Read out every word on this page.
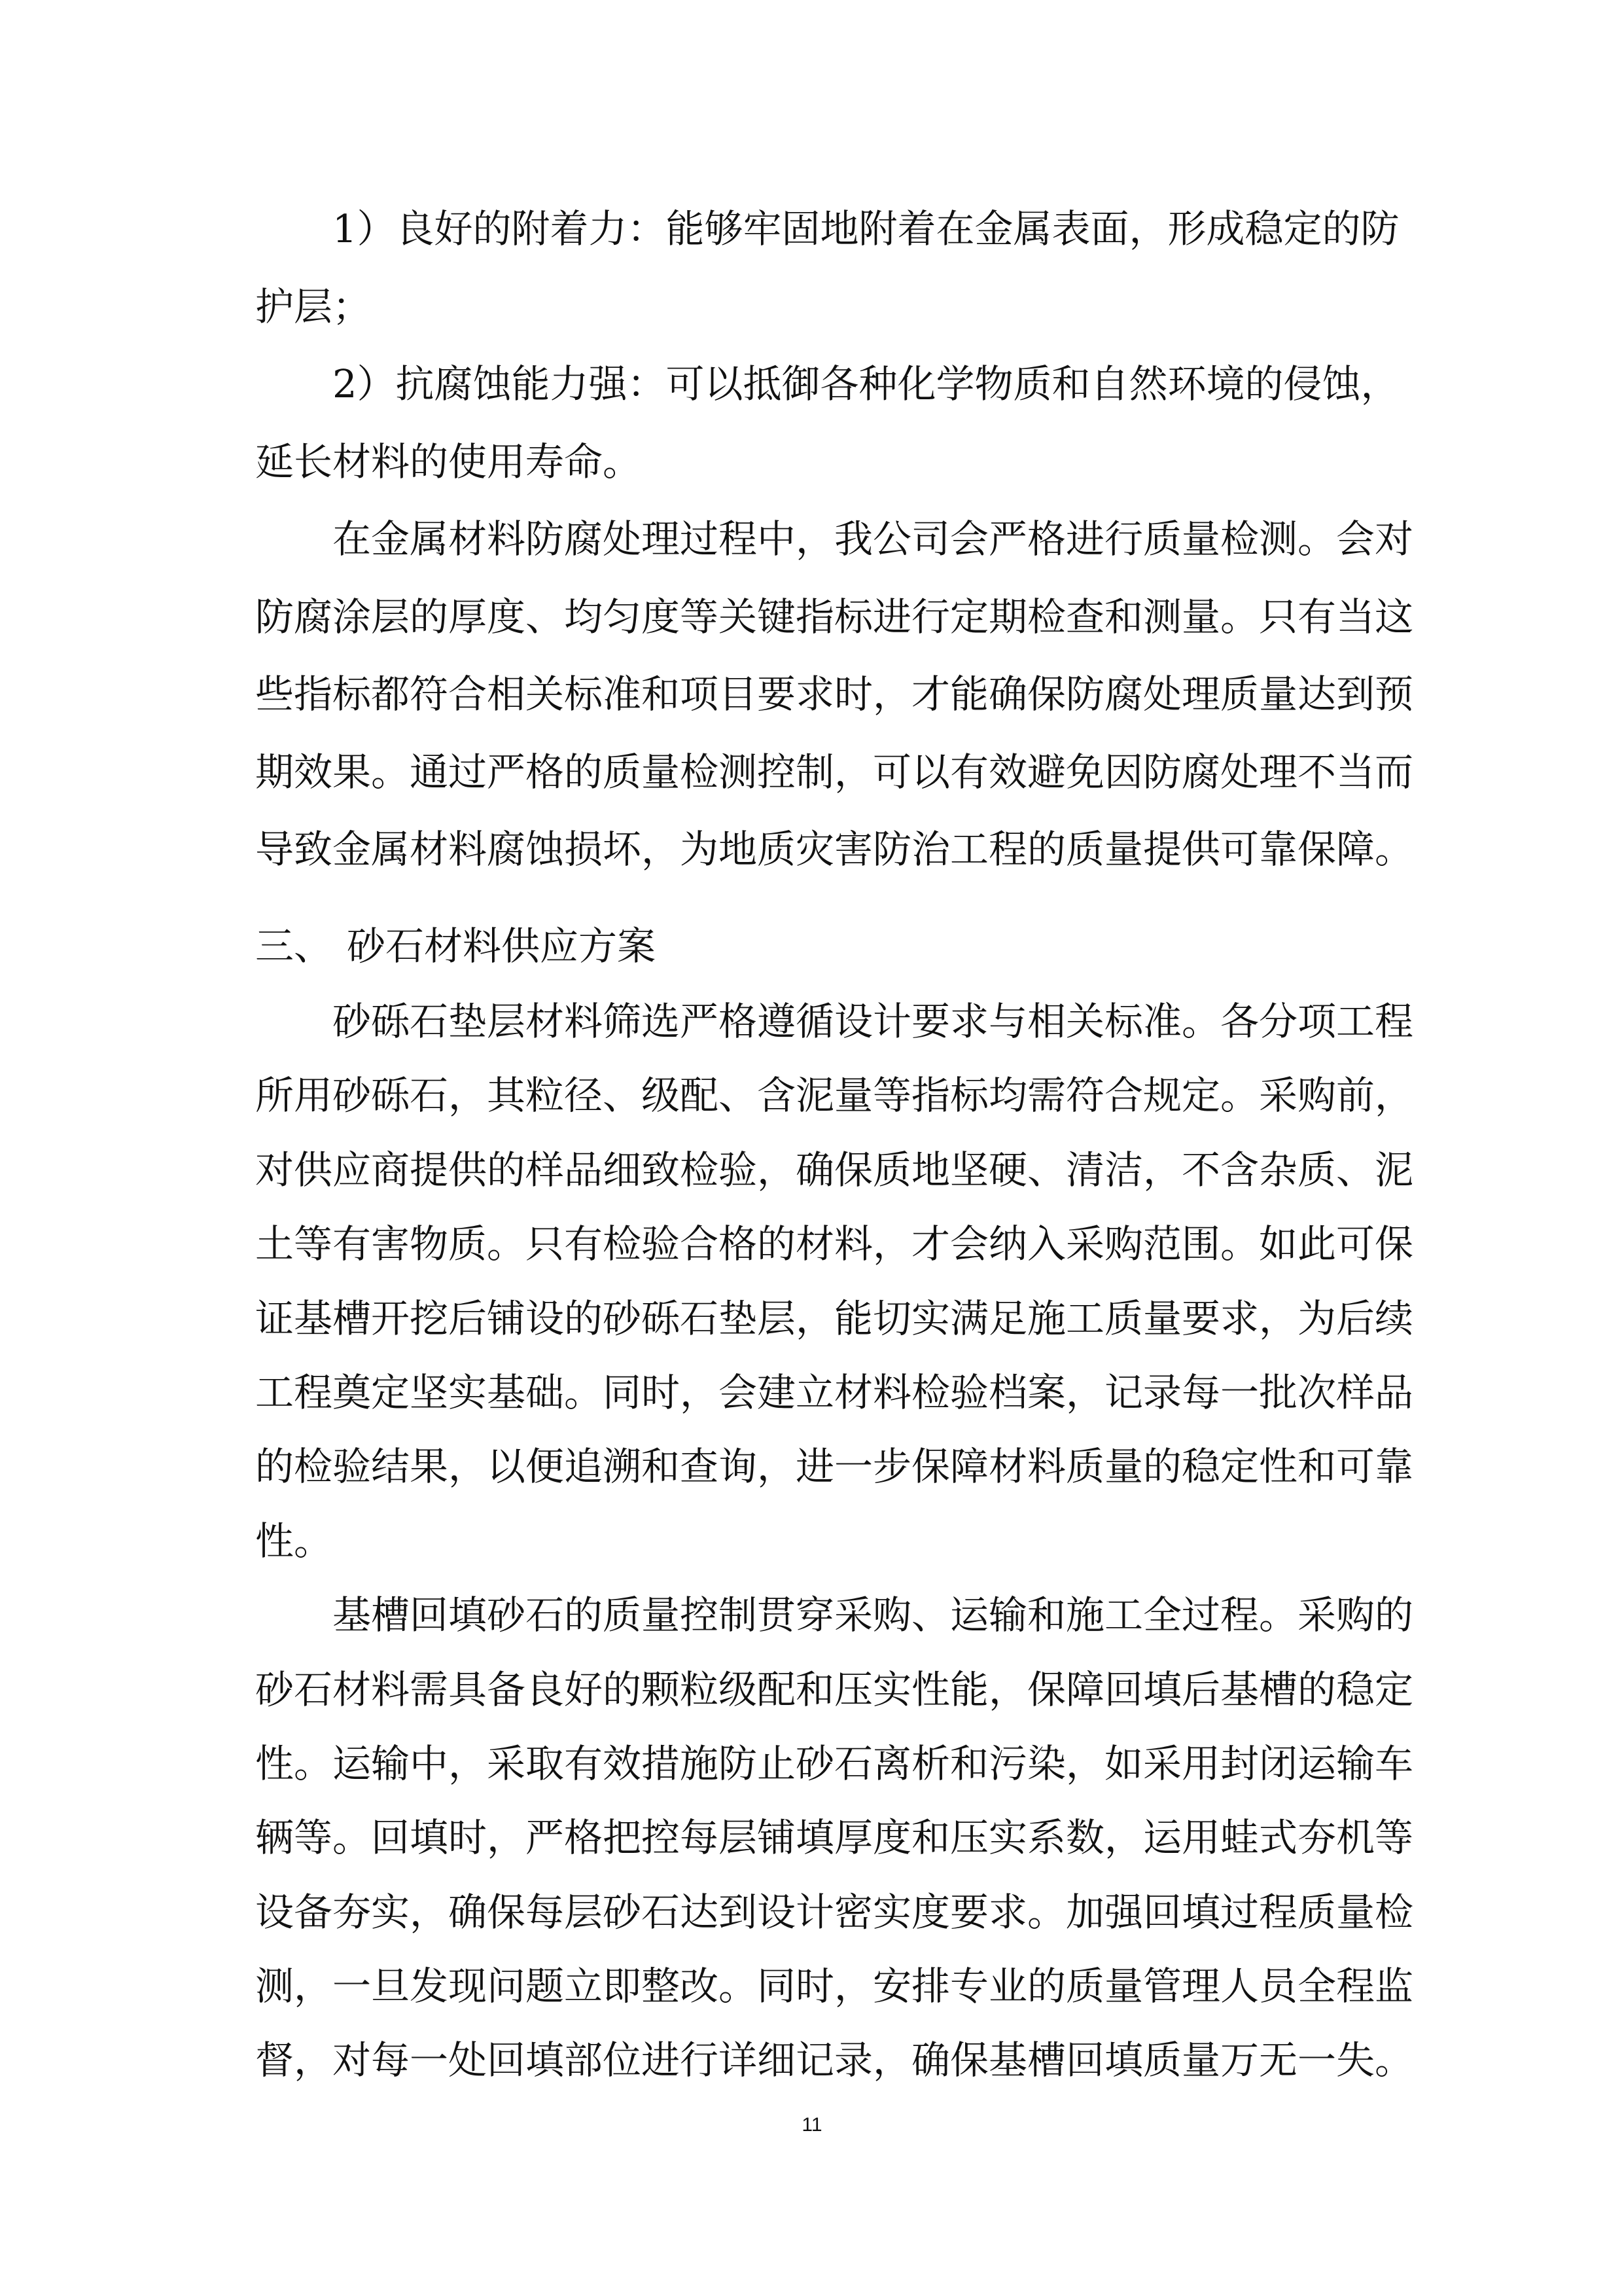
1）良好的附着力：能够牢固地附着在金属表面，形成稳定的防
护层；
2）抗腐蚀能力强：可以抵御各种化学物质和自然环境的侵蚀，
延长材料的使用寿命。
在金属材料防腐处理过程中，我公司会严格进行质量检测。会对
防腐涂层的厚度、均匀度等关键指标进行定期检查和测量。只有当这
些指标都符合相关标准和项目要求时，才能确保防腐处理质量达到预
期效果。通过严格的质量检测控制，可以有效避免因防腐处理不当而
导致金属材料腐蚀损坏，为地质灾害防治工程的质量提供可靠保障。
三、 砂石材料供应方案
砂砾石垫层材料筛选严格遵循设计要求与相关标准。各分项工程
所用砂砾石，其粒径、级配、含泥量等指标均需符合规定。采购前，
对供应商提供的样品细致检验，确保质地坚硬、清洁，不含杂质、泥
土等有害物质。只有检验合格的材料，才会纳入采购范围。如此可保
证基槽开挖后铺设的砂砾石垫层，能切实满足施工质量要求，为后续
工程奠定坚实基础。同时，会建立材料检验档案，记录每一批次样品
的检验结果，以便追溯和查询，进一步保障材料质量的稳定性和可靠
性。
基槽回填砂石的质量控制贯穿采购、运输和施工全过程。采购的
砂石材料需具备良好的颗粒级配和压实性能，保障回填后基槽的稳定
性。运输中，采取有效措施防止砂石离析和污染，如采用封闭运输车
辆等。回填时，严格把控每层铺填厚度和压实系数，运用蛙式夯机等
设备夯实，确保每层砂石达到设计密实度要求。加强回填过程质量检
测，一旦发现问题立即整改。同时，安排专业的质量管理人员全程监
督，对每一处回填部位进行详细记录，确保基槽回填质量万无一失。
11
